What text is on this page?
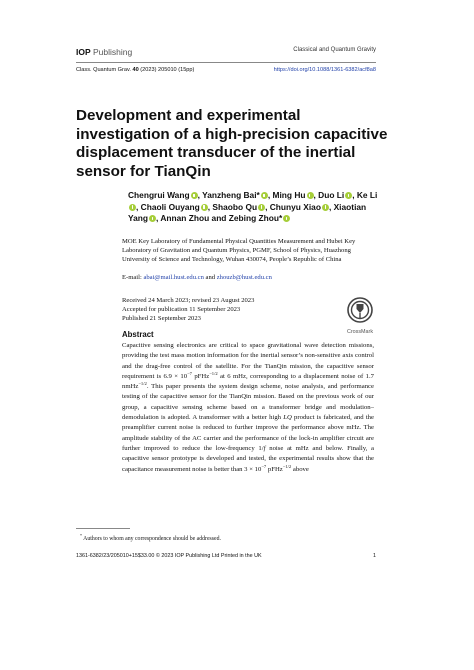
IOP Publishing	Classical and Quantum Gravity
Class. Quantum Grav. 40 (2023) 205010 (15pp)	https://doi.org/10.1088/1361-6382/acf8a8
Development and experimental investigation of a high-precision capacitive displacement transducer of the inertial sensor for TianQin
Chengrui Wang , Yanzheng Bai* , Ming Hu , Duo Li , Ke Li, Chaoli Ouyang , Shaobo Qu , Chunyu Xiao , Xiaotian Yang , Annan Zhou and Zebing Zhou*
MOE Key Laboratory of Fundamental Physical Quantities Measurement and Hubei Key Laboratory of Gravitation and Quantum Physics, PGMF, School of Physics, Huazhong University of Science and Technology, Wuhan 430074, People’s Republic of China
E-mail: abai@mail.hust.edu.cn and zhouzb@hust.edu.cn
Received 24 March 2023; revised 23 August 2023
Accepted for publication 11 September 2023
Published 21 September 2023
CrossMark
Abstract
Capacitive sensing electronics are critical to space gravitational wave detection missions, providing the test mass motion information for the inertial sensor’s non-sensitive axis control and the drag-free control of the satellite. For the TianQin mission, the capacitive sensor requirement is $6.9 \times 10^{-7}$ pFHz$^{-1/2}$ at 6 mHz, corresponding to a displacement noise of 1.7 nmHz$^{-1/2}$. This paper presents the system design scheme, noise analysis, and performance testing of the capacitive sensor for the TianQin mission. Based on the previous work of our group, a capacitive sensing scheme based on a transformer bridge and modulation–demodulation is adopted. A transformer with a better high LQ product is fabricated, and the preamplifier current noise is reduced to further improve the performance above mHz. The amplitude stability of the AC carrier and the performance of the lock-in amplifier circuit are further improved to reduce the low-frequency 1/f noise at mHz and below. Finally, a capacitive sensor prototype is developed and tested, the experimental results show that the capacitance measurement noise is better than $3 \times 10^{-7}$ pFHz$^{-1/2}$ above
* Authors to whom any correspondence should be addressed.
1361-6382/23/205010+15$33.00 © 2023 IOP Publishing Ltd Printed in the UK	1
